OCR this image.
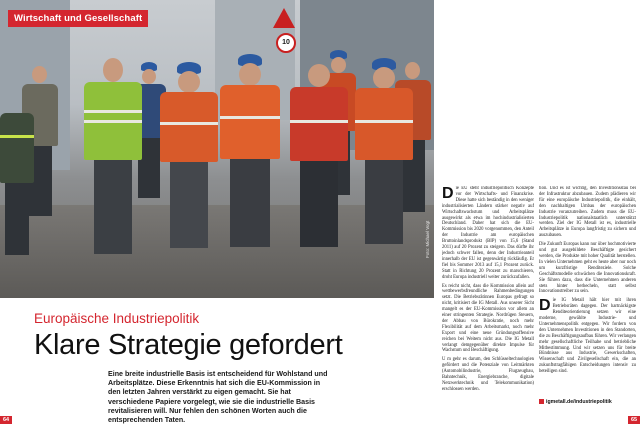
10
Wirtschaft und Gesellschaft
Foto: Michael Vogt
Europäische Industriepolitik
Klare Strategie gefordert
Eine breite industrielle Basis ist entscheidend für Wohlstand und Arbeitsplätze. Diese Erkenntnis hat sich die EU-Kommission in den letzten Jahren verstärkt zu eigen gemacht. Sie hat verschiedene Papiere vorgelegt, wie sie die industrielle Basis revitalisieren will. Nur fehlen den schönen Worten auch die entsprechenden Taten.
D ie EU steht industriepolitisch Konzepte vor der Wirtschafts- und Finanzkrise. Diese hatte sich beständig in den weniger industrialisierten Ländern stärker negativ auf Wirtschaftswachstum und Arbeitsplätze ausgewirkt als etwa im hochindustrialisierten Deutschland. Daher hat sich die EU-Kommission bis 2020 vorgenommen, den Anteil der Industrie am europäischen Bruttoinlandsprodukt (BIP) von 15,6 (Stand 2011) auf 20 Prozent zu steigern. Das dürfte ihr jedoch schwer fallen, denn der Industrieanteil innerhalb der EU ist gegenwärtig rückläufig. Er fiel bis Sommer 2013 auf 15,1 Prozent zurück. Statt in Richtung 20 Prozent zu marschieren, droht Europa industriell weiter zurückzufallen.

Es reicht nicht, dass die Kommission allein auf wettbewerbsfreundliche Rahmenbedingungen setzt. Die Betriebsrätinnen Europas gefragt so nicht, kritisiert die IG Metall. Aus unserer Sicht mangelt es der EU-Kommission vor allem an einer stringenten Strategie. Nordrügen Steuern, der Abbau von Bürokratie, noch mehr Flexibilität auf dem Arbeitsmarkt, noch mehr Export und eine neue Gründungsoffensive reichen bei Weitem nicht aus. Die IG Metall verlangt demgegenüber direkte Impulse für Wachstum und Beschäftigung.

U m gehr es darum, den Schlüsseltechnologien gefördert und die Potenziale von Leitmärkten (Automobilindustrie, Flugzeugbau, Bahntechnik, Energiebranche, digitale Netzwerktechnik und Telekommunikation) erschlossen werden.

tion. Und es ist wichtig, den Investitionsstau bei der Infrastruktur abzubauen. Zudem plädieren wir für eine europäische Industriepolitik, die einhält, den nachhaltigen Umbau der europäischen Industrie voranzutreiben. Zudem muss die EU-Industriepolitik nationalstaatlich unterstützt werden. Ziel der IG Metall ist es, industrielle Arbeitsplätze in Europa langfristig zu sichern und auszubauen.

Die Zukunft Europas kann nur über hochmotivierte und gut ausgebildete Beschäftigte gesichert werden, die Produkte mit hoher Qualität herstellen. In vielen Unternehmen geht es heute aber nur noch um kurzfristige Renditeziele. Solche Geschäftsmodelle schwächen die Innovationskraft. Sie führen dazu, dass die Unternehmen anderen stets hinter herhecheln, statt selbst Innovationstreiber zu sein.

Die IG Metall hält hier mit ihren Betriebsräten dagegen. Der hartnäckigste Renditeorientierung setzen wir eine moderne, gewählte Industrie- und Unternehmenspolitik entgegen. Wir fordern von den Unternehmen Investitionen in den Standorten, die zu Beschäftigungsaufbau führen. Wir verlangen mehr gesellschaftliche Teilhabe und betriebliche Mitbestimmung. Und wir setzen uns für breite Bündnisse aus Industrie, Gewerkschaften, Wissenschaft und Zivilgesellschaft ein, die an zukunftstragfähigen Entscheidungen intensiv zu beteiligen sind.

igmetall.de/industriepolitik
64	65
